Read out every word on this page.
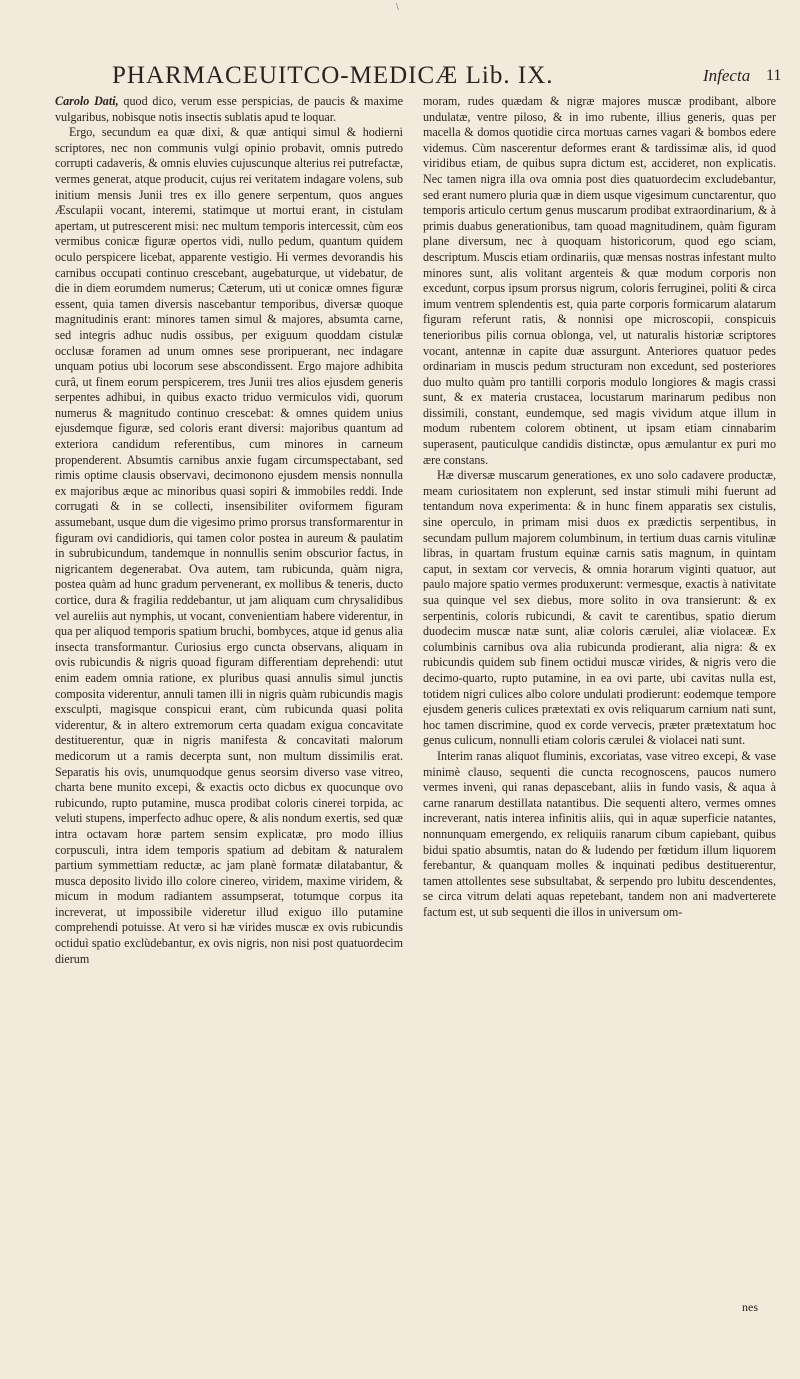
\
PHARMACEUITCO-MEDICÆ Lib. IX.	Infecta 11

Carolo Dati, quod dico, verum esse perspicias, de paucis & maxime vulgaribus, nobisque notis insectis sublatis apud te loquar.

Ergo, secundum ea quæ dixi, & quæ antiqui simul & hodierni scriptores, nec non communis vulgi opinio probavit, omnis putredo corrupti cadaveris, & omnis eluvies cujuscunque alterius rei putrefactæ, vermes generat, atque producit, cujus rei veritatem indagare volens, sub initium mensis Junii tres ex illo genere serpentum, quos angues Æsculapii vocant, interemi, statimque ut mortui erant, in cistulam apertam, ut putrescerent misi: nec multum temporis intercessit, cùm eos vermibus conicæ figuræ opertos vidi, nullo pedum, quantum quidem oculo perspicere licebat, apparente vestigio. Hi vermes devorandis his carnibus occupati continuo crescebant, augebaturque, ut videbatur, de die in diem eorumdem numerus; Cæterum, uti ut conicæ omnes figuræ essent, quia tamen diversis nascebantur temporibus, diversæ quoque magnitudinis erant: minores tamen simul & majores, absumta carne, sed integris adhuc nudis ossibus, per exiguum quoddam cistulæ occlusæ foramen ad unum omnes sese proripuerant, nec indagare unquam potius ubi locorum sese abscondissent. Ergo majore adhibita curâ, ut finem eorum perspicerem, tres Junii tres alios ejusdem generis serpentes adhibui, in quibus exacto triduo vermiculos vidi, quorum numerus & magnitudo continuo crescebat: & omnes quidem unius ejusdemque figuræ, sed coloris erant diversi: majoribus quantum ad exteriora candidum referentibus, cum minores in carneum propenderent. Absumtis carnibus anxie fugam circumspectabant, sed rimis optime clausis observavi, decimonono ejusdem mensis nonnulla ex majoribus æque ac minoribus quasi sopiri & immobiles reddi. Inde corrugati & in se collecti, insensibiliter oviformem figuram assumebant, usque dum die vigesimo primo prorsus transformarentur in figuram ovi candidioris, qui tamen color postea in aureum & paulatim in subrubicundum, tandemque in nonnullis senim obscurior factus, in nigricantem degenerabat. Ova autem, tam rubicunda, quàm nigra, postea quàm ad hunc gradum pervenerant, ex mollibus & teneris, ducto cortice, dura & fragilia reddebantur, ut jam aliquam cum chrysalidibus vel aureliis aut nymphis, ut vocant, convenientiam habere viderentur, in qua per aliquod temporis spatium bruchi, bombyces, atque id genus alia insecta transformantur. Curiosius ergo cuncta observans, aliquam in ovis rubicundis & nigris quoad figuram differentiam deprehendi: utut enim eadem omnia ratione, ex pluribus quasi annulis simul junctis composita viderentur, annuli tamen illi in nigris quàm rubicundis magis exsculpti, magisque conspicui erant, cùm rubicunda quasi polita viderentur, & in altero extremorum certa quadam exigua concavitate destituerentur, quæ in nigris manifesta & concavitati malorum medicorum ut a ramis decerpta sunt, non multum dissimilis erat. Separatis his ovis, unumquodque genus seorsim diverso vase vitreo, charta bene munito excepi, & exactis octo dicbus ex quocunque ovo rubicundo, rupto putamine, musca prodibat coloris cinerei torpida, ac veluti stupens, imperfecto adhuc opere, & alis nondum exertis, sed quæ intra octavam horæ partem sensim explicatæ, pro modo illius corpusculi, intra idem temporis spatium ad debitam & naturalem partium symmettiam reductæ, ac jam planè formatæ dilatabantur, & musca deposito livido illo colore cinereo, viridem, maxime viridem, & micum in modum radiantem assumpserat, totumque corpus ita increverat, ut impossibile videretur illud exiguo illo putamine comprehendi potuisse. At vero si hæ virides muscæ ex ovis rubicundis octiduì spatio exclùdebantur, ex ovis nigris, non nisi post quatuordecim dierum

moram, rudes quædam & nigræ majores muscæ prodibant, albore undulatæ, ventre piloso, & in imo rubente, illius generis, quas per macella & domos quotidie circa mortuas carnes vagari & bombos edere videmus. Cùm nascerentur deformes erant & tardissimæ alis, id quod viridibus etiam, de quibus supra dictum est, accideret, non explicatis. Nec tamen nigra illa ova omnia post dies quatuordecim excludebantur, sed erant numero pluria quæ in diem usque vigesimum cunctarentur, quo temporis articulo certum genus muscarum prodibat extraordinarium, & à primis duabus generationibus, tam quoad magnitudinem, quàm figuram plane diversum, nec à quoquam historicorum, quod ego sciam, descriptum. Muscis etiam ordinariis, quæ mensas nostras infestant multo minores sunt, alis volitant argenteis & quæ modum corporis non excedunt, corpus ipsum prorsus nigrum, coloris ferruginei, politi & circa imum ventrem splendentis est, quia parte corporis formicarum alatarum figuram referunt ratis, & nonnisi ope microscopii, conspicuis tenerioribus pilis cornua oblonga, vel, ut naturalis historiæ scriptores vocant, antennæ in capite duæ assurgunt. Anteriores quatuor pedes ordinariam in muscis pedum structuram non excedunt, sed posteriores duo multo quàm pro tantilli corporis modulo longiores & magis crassi sunt, & ex materia crustacea, locustarum marinarum pedibus non dissimili, constant, eundemque, sed magis vividum atque illum in modum rubentem colorem obtinent, ut ipsam etiam cinnabarim superasent, pauticulque candidis distinctæ, opus æmulantur ex puri mo ære constans.

Hæ diversæ muscarum generationes, ex uno solo cadavere productæ, meam curiositatem non explerunt, sed instar stimuli mihi fuerunt ad tentandum nova experimenta: & in hunc finem apparatis sex cistulis, sine operculo, in primam misi duos ex prædictis serpentibus, in secundam pullum majorem columbinum, in tertium duas carnis vitulinæ libras, in quartam frustum equinæ carnis satis magnum, in quintam caput, in sextam cor vervecis, & omnia horarum viginti quatuor, aut paulo majore spatio vermes produxerunt: vermesque, exactis à nativitate sua quinque vel sex diebus, more solito in ova transierunt: & ex serpentinis, coloris rubicundi, & cavit te carentibus, spatio dierum duodecim muscæ natæ sunt, aliæ coloris cærulei, aliæ violaceæ. Ex columbinis carnibus ova alia rubicunda prodierant, alia nigra: & ex rubicundis quidem sub finem octidui muscæ virides, & nigris vero die decimo-quarto, rupto putamine, in ea ovi parte, ubi cavitas nulla est, totidem nigri culices albo colore undulati prodierunt: eodemque tempore ejusdem generis culices prætextati ex ovis reliquarum carnium nati sunt, hoc tamen discrimine, quod ex corde vervecis, præter prætextatum hoc genus culicum, nonnulli etiam coloris cærulei & violacei nati sunt.

Interim ranas aliquot fluminis, excoriatas, vase vitreo excepi, & vase minimè clauso, sequenti die cuncta recognoscens, paucos numero vermes inveni, qui ranas depascebant, aliis in fundo vasis, & aqua à carne ranarum destillata natantibus. Die sequenti altero, vermes omnes increverant, natis interea infinitis aliis, qui in aquæ superficie natantes, nonnunquam emergendo, ex reliquiis ranarum cibum capiebant, quibus bidui spatio absumtis, natan do & ludendo per fœtidum illum liquorem ferebantur, & quanquam molles & inquinati pedibus destituerentur, tamen attollentes sese subsultabat, & serpendo pro lubitu descendentes, se circa vitrum delati aquas repetebant, tandem non ani madverterete factum est, ut sub sequenti die illos in universum om-

nes
